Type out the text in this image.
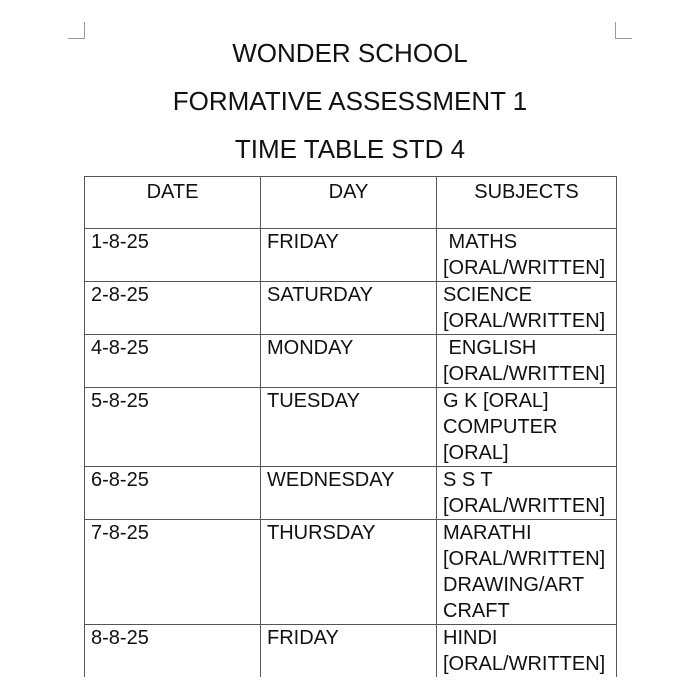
WONDER SCHOOL
FORMATIVE ASSESSMENT 1
TIME TABLE STD 4
DATE	DAY	SUBJECTS
1-8-25	FRIDAY	MATHS
[ORAL/WRITTEN]

2-8-25	SATURDAY	SCIENCE
[ORAL/WRITTEN]

4-8-25	MONDAY	ENGLISH
[ORAL/WRITTEN]

5-8-25	TUESDAY	G K [ORAL]
COMPUTER
[ORAL]

6-8-25	WEDNESDAY	S S T
[ORAL/WRITTEN]

7-8-25	THURSDAY	MARATHI
[ORAL/WRITTEN]
DRAWING/ART
CRAFT

8-8-25	FRIDAY	HINDI
[ORAL/WRITTEN]
